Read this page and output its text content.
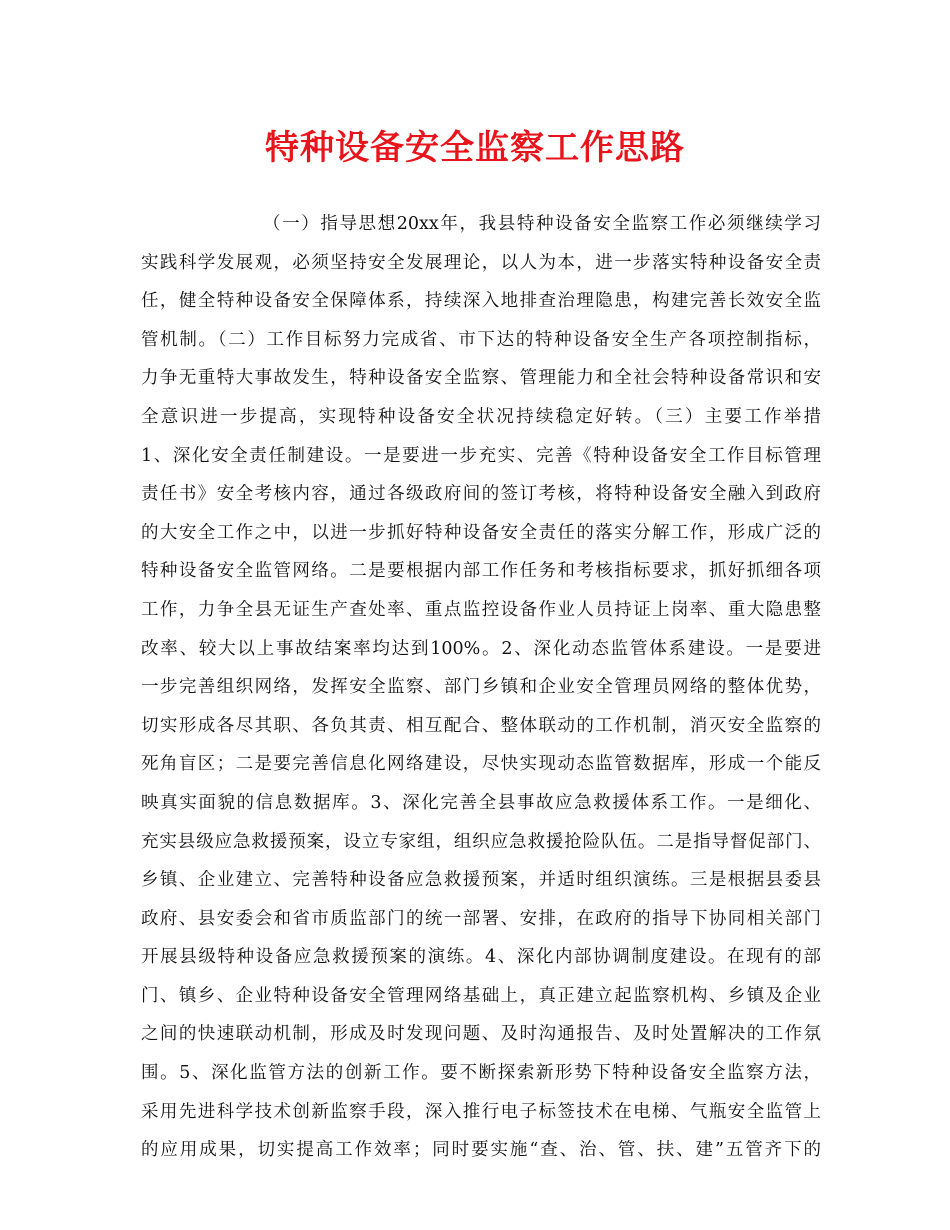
特种设备安全监察工作思路
（一）指导思想20xx年，我县特种设备安全监察工作必须继续学习
实践科学发展观，必须坚持安全发展理论，以人为本，进一步落实特种设备安全责
任，健全特种设备安全保障体系，持续深入地排查治理隐患，构建完善长效安全监
管机制。（二）工作目标努力完成省、市下达的特种设备安全生产各项控制指标，
力争无重特大事故发生，特种设备安全监察、管理能力和全社会特种设备常识和安
全意识进一步提高，实现特种设备安全状况持续稳定好转。（三）主要工作举措
1、深化安全责任制建设。一是要进一步充实、完善《特种设备安全工作目标管理
责任书》安全考核内容，通过各级政府间的签订考核，将特种设备安全融入到政府
的大安全工作之中，以进一步抓好特种设备安全责任的落实分解工作，形成广泛的
特种设备安全监管网络。二是要根据内部工作任务和考核指标要求，抓好抓细各项
工作，力争全县无证生产查处率、重点监控设备作业人员持证上岗率、重大隐患整
改率、较大以上事故结案率均达到100%。2、深化动态监管体系建设。一是要进
一步完善组织网络，发挥安全监察、部门乡镇和企业安全管理员网络的整体优势，
切实形成各尽其职、各负其责、相互配合、整体联动的工作机制，消灭安全监察的
死角盲区；二是要完善信息化网络建设，尽快实现动态监管数据库，形成一个能反
映真实面貌的信息数据库。3、深化完善全县事故应急救援体系工作。一是细化、
充实县级应急救援预案，设立专家组，组织应急救援抢险队伍。二是指导督促部门、
乡镇、企业建立、完善特种设备应急救援预案，并适时组织演练。三是根据县委县
政府、县安委会和省市质监部门的统一部署、安排，在政府的指导下协同相关部门
开展县级特种设备应急救援预案的演练。4、深化内部协调制度建设。在现有的部
门、镇乡、企业特种设备安全管理网络基础上，真正建立起监察机构、乡镇及企业
之间的快速联动机制，形成及时发现问题、及时沟通报告、及时处置解决的工作氛
围。5、深化监管方法的创新工作。要不断探索新形势下特种设备安全监察方法，
采用先进科学技术创新监察手段，深入推行电子标签技术在电梯、气瓶安全监管上
的应用成果，切实提高工作效率；同时要实施“查、治、管、扶、建”五管齐下的
